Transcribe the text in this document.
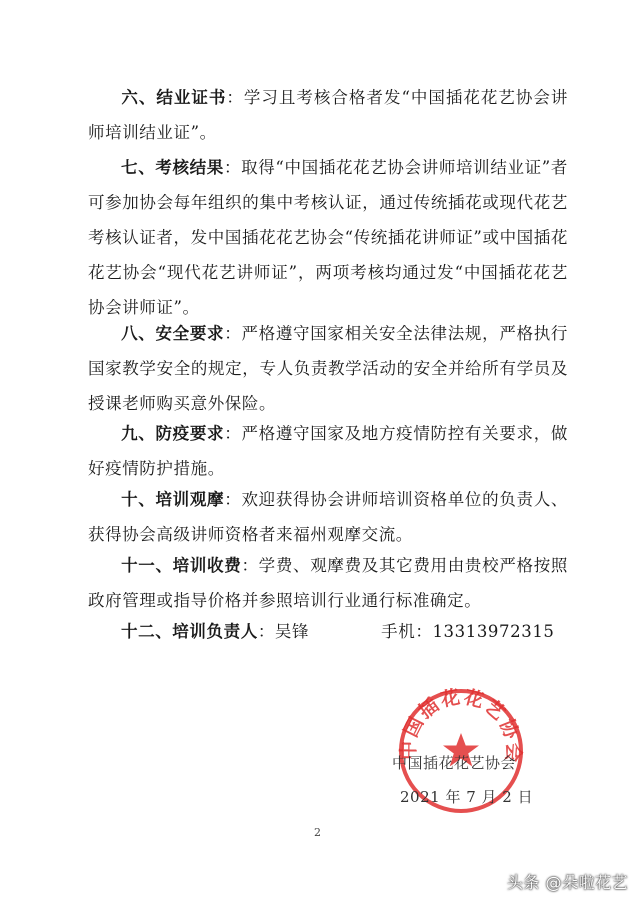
六、结业证书：学习且考核合格者发“中国插花花艺协会讲师培训结业证”。

七、考核结果：取得“中国插花花艺协会讲师培训结业证”者可参加协会每年组织的集中考核认证，通过传统插花或现代花艺考核认证者，发中国插花花艺协会“传统插花讲师证”或中国插花花艺协会“现代花艺讲师证”，两项考核均通过发“中国插花花艺协会讲师证”。

八、安全要求：严格遵守国家相关安全法律法规，严格执行国家教学安全的规定，专人负责教学活动的安全并给所有学员及授课老师购买意外保险。

九、防疫要求：严格遵守国家及地方疫情防控有关要求，做好疫情防护措施。

十、培训观摩：欢迎获得协会讲师培训资格单位的负责人、获得协会高级讲师资格者来福州观摩交流。

十一、培训收费：学费、观摩费及其它费用由贵校严格按照政府管理或指导价格并参照培训行业通行标准确定。

十二、培训负责人：吴锋	手机：13313972315

中国插花花艺协会
中国插花花艺协会
2021 年 7 月 2 日
2
头条 @朵啦花艺
